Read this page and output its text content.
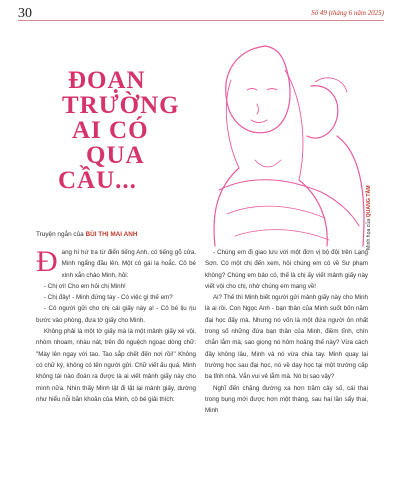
30	Số 49 (tháng 6 năm 2025)
ĐOẠN
TRƯỜNG
AI CÓ
QUA
CẦU...
Truyện ngắn của BÙI THỊ MAI ANH	Minh họa của QUANG TÂM

Đang hí hứ tra từ điển tiếng Anh, có tiếng gõ cửa. Minh ngẩng đầu lên. Một cô gái lạ hoắc. Cô bé xinh xắn chào Minh, hỏi:

- Chị ơi! Cho em hỏi chị Minh!

- Chị đây! - Minh đứng tay - Có việc gì thế em?

- Cô người gửi cho chị cái giấy này ạ! - Cô bé lịu rịu bước vào phòng, đưa tờ giấy cho Minh.

Không phải là một tờ giấy mà là một mảnh giấy xé vội, nhòm nhoam, nhàu nát, trên đó nguệch ngoạc dòng chữ: "Mày lên ngay với tao. Tao sắp chết đến nơi rồi!" Không có chữ ký, không có tên người gửi. Chữ viết ấu quá, Minh không tài nào đoán ra được là ai viết mảnh giấy này cho mình nữa. Nhìn thấy Minh lật đi lật lại mảnh giấy, dường như hiểu nỗi băn khoăn của Minh, cô bé giải thích:

- Chúng em đi giao lưu với một đơn vị bộ đội trên Lạng Sơn. Có một chị đến xem, hỏi chúng em có về Sư phạm không? Chúng em bảo có, thế là chị ấy viết mảnh giấy này viết vội cho chị, nhờ chúng em mang về!

Ai? Thế thì Minh biết người gửi mảnh giấy này cho Minh là ai rồi. Con Ngọc Anh - bạn thân của Minh suốt bốn năm đại học đấy mà. Nhưng nó vốn là một đứa người ôn nhất trong số những đứa bạn thân của Minh, điềm tĩnh, chín chắn lắm mà, sao giọng nó hôm hoảng thế này? Vừa cách đây không lâu, Minh và nó vừa chia tay. Minh quay lại trường học sau đại học, nó về dạy học tại một trường cấp ba tỉnh nhà. Vắn vui vẻ lắm mà. Nó bị sao vậy?

Nghĩ đến chặng đường xa hơn trăm cây số, cái thai trong bụng mới được hơn một tháng, sau hai lần sẩy thai, Minh
